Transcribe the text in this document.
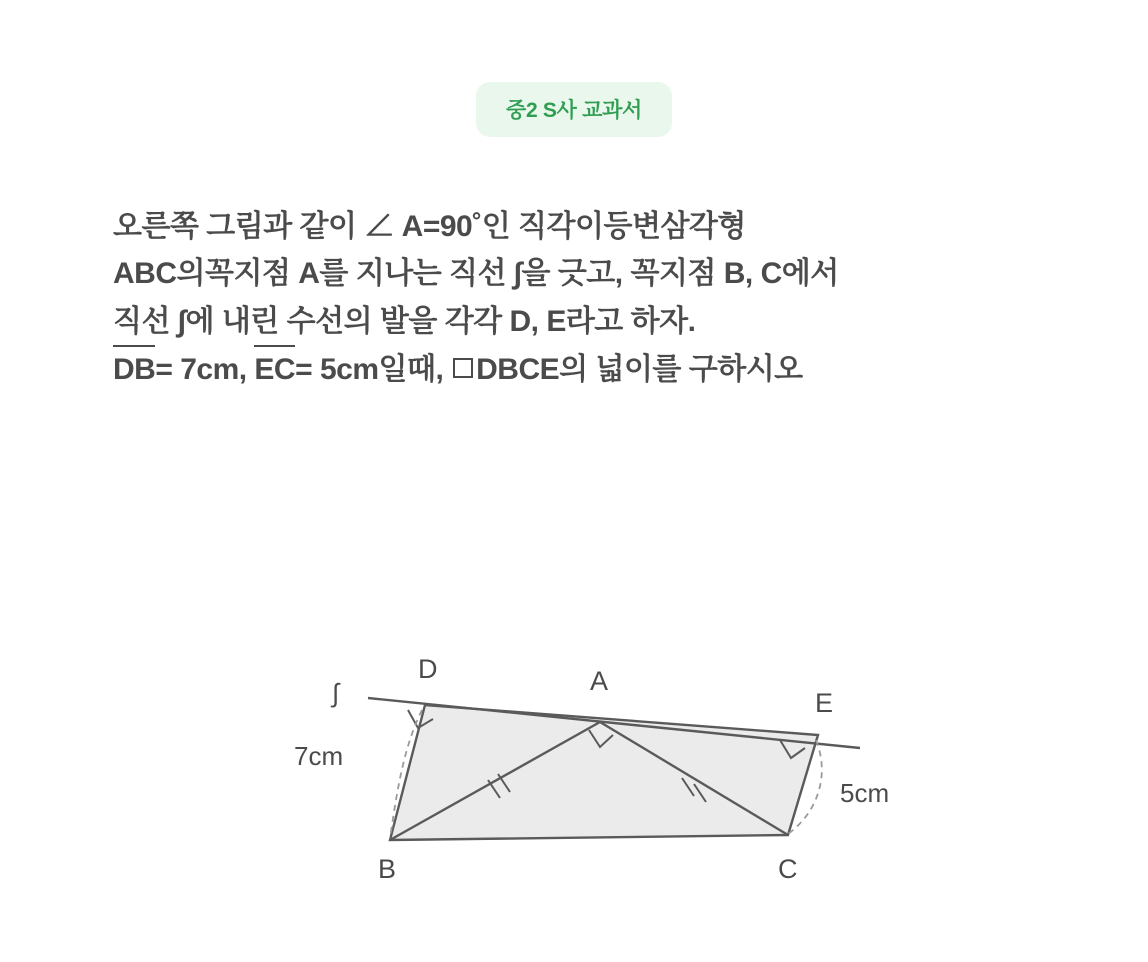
중2 S사 교과서
오른쪽 그림과 같이 ∠ A=90˚인 직각이등변삼각형
ABC의꼭지점 A를 지나는 직선 ∫을 긋고, 꼭지점 B, C에서
직선 ∫에 내린 수선의 발을 각각 D, E라고 하자.
DB= 7cm, EC= 5cm일때, DBCE의 넓이를 구하시오
∫
D	A
E
B	C
7cm
5cm
